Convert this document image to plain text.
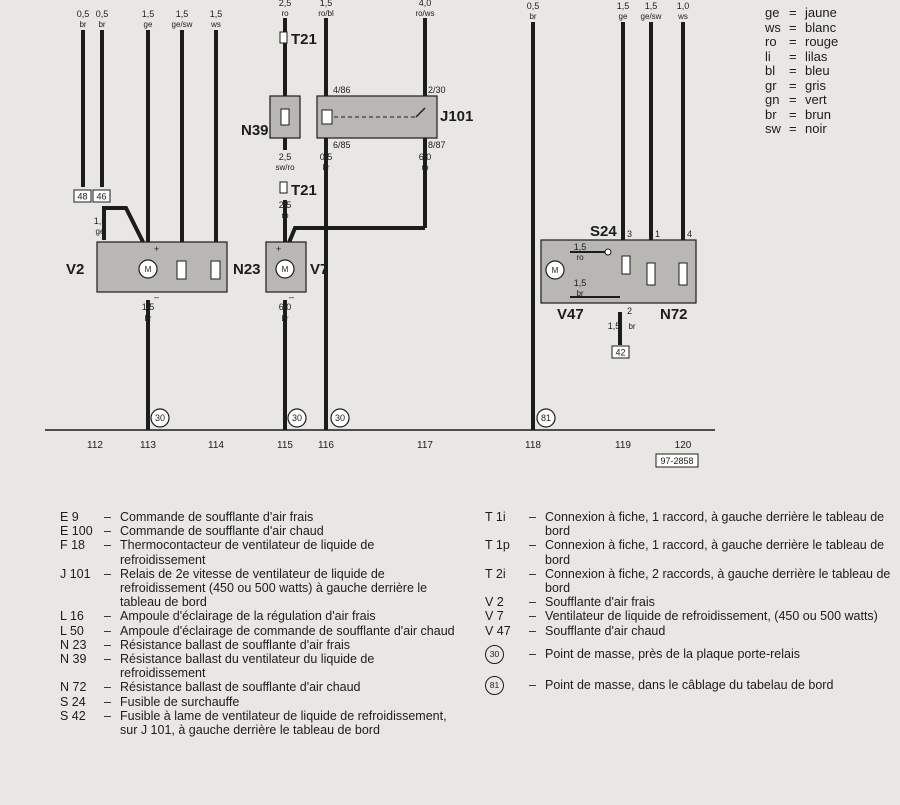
M	M	M
48 46
42
30	30	30	81
0,5
br
0,5
br
1,5
ge
1,5
ge/sw
1,5
ws
2,5
ro
1,5
ro/bl
4,0
ro/ws
0,5
br
1,5
ge
1,5
ge/sw
1,0
ws
1,5
ge
1,5
br
2,5
sw/ro
2,5
ro
6,0
br
0,5
br
6,0
ro
1,5
ro
1,5
br
1,5 br
4/86	2/30
6/85	8/87
3	1	4
2
+
–
+
–
T21
T21
N39
J101
V2	N23	V7
S24
V47	N72
112	113	114	115	116	117	118	119	120
97-2858
ge = jaune
ws = blanc
ro = rouge
li = lilas
bl = bleu
gr = gris
gn = vert
br = brun
sw = noir
E 9	– Commande de soufflante d'air frais
E 100 – Commande de soufflante d'air chaud
F 18	– Thermocontacteur de ventilateur de liquide de refroidissement
J 101	– Relais de 2e vitesse de ventilateur de liquide de refroidissement (450 ou 500 watts) à gauche derrière le tableau de bord
L 16	– Ampoule d'éclairage de la régulation d'air frais
L 50	– Ampoule d'éclairage de commande de soufflante d'air chaud
N 23	– Résistance ballast de soufflante d'air frais
N 39	– Résistance ballast du ventilateur du liquide de refroidissement
N 72	– Résistance ballast de soufflante d'air chaud
S 24	– Fusible de surchauffe
S 42	– Fusible à lame de ventilateur de liquide de refroidissement, sur J 101, à gauche derrière le tableau de bord
T 1i	– Connexion à fiche, 1 raccord, à gauche derrière le tableau de bord
T 1p	– Connexion à fiche, 1 raccord, à gauche derrière le tableau de bord
T 2i	– Connexion à fiche, 2 raccords, à gauche derrière le tableau de bord
V 2	– Soufflante d'air frais
V 7	– Ventilateur de liquide de refroidissement, (450 ou 500 watts)
V 47	– Soufflante d'air chaud
30	– Point de masse, près de la plaque porte-relais
81	– Point de masse, dans le câblage du tabelau de bord
